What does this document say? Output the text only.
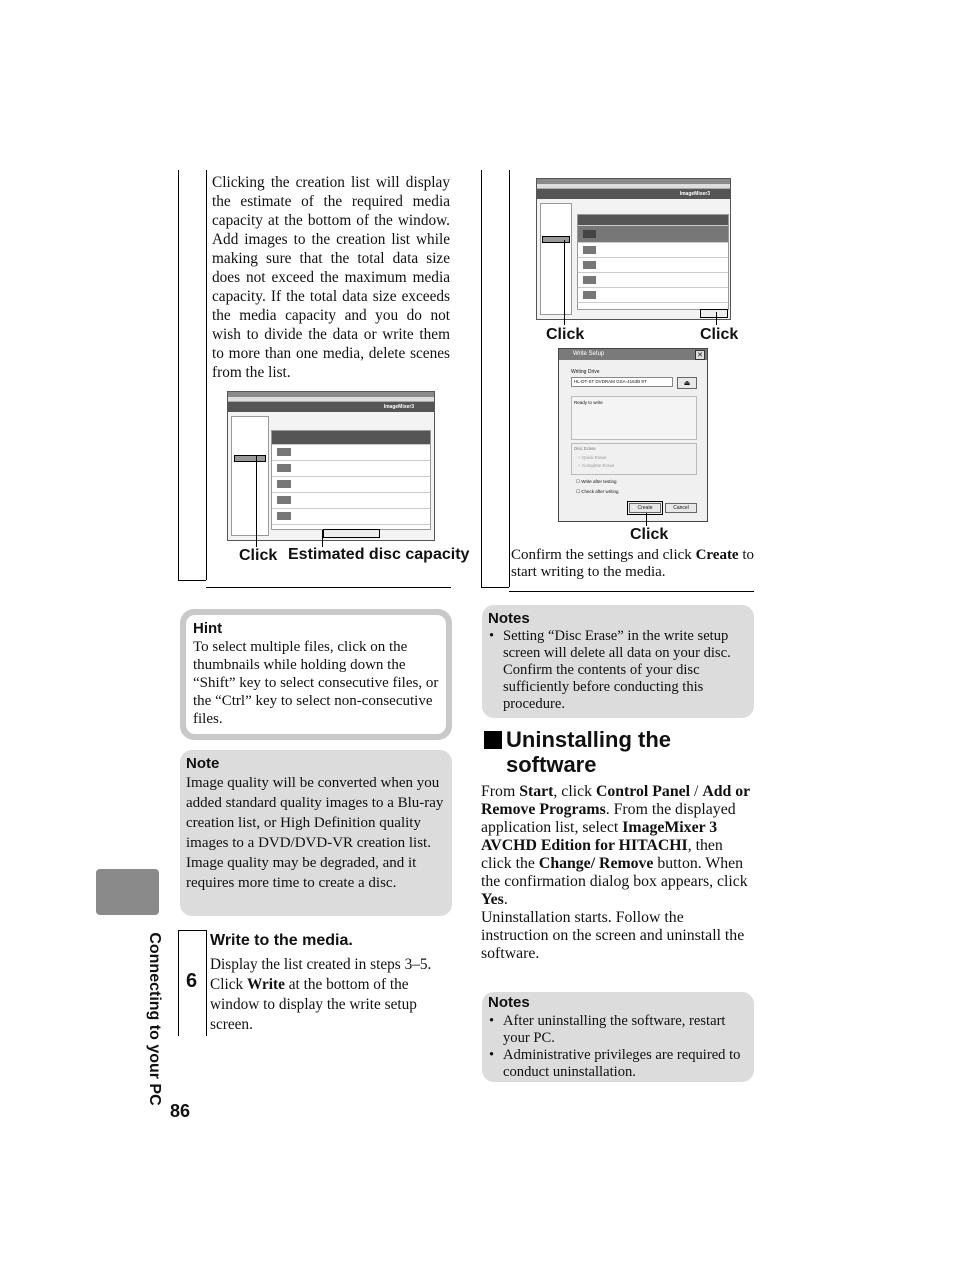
Clicking the creation list will display the estimate of the required media capacity at the bottom of the window. Add images to the creation list while making sure that the total data size does not exceed the maximum media capacity. If the total data size exceeds the media capacity and you do not wish to divide the data or write them to more than one media, delete scenes from the list.
ImageMixer3
Click Estimated disc capacity
Hint
To select multiple files, click on the thumbnails while holding down the “Shift” key to select consecutive files, or the “Ctrl” key to select non-consecutive files.
Note
Image quality will be converted when you added standard quality images to a Blu-ray creation list, or High Definition quality images to a DVD/DVD-VR creation list. Image quality may be degraded, and it requires more time to create a disc.
6
Write to the media.
Display the list created in steps 3–5. Click Write at the bottom of the window to display the write setup screen.
ImageMixer3
Click	Click
Write Setup	✕
Writing Drive
HL-DT-ST DVDRAM GSA-4163B 9T	⏏
Ready to write
Disc Erase
○ Quick Erase
○ Complete Erase
☐ Write after testing
☐ Check after writing
Create	Cancel
Click
Confirm the settings and click Create to start writing to the media.
Notes
• Setting “Disc Erase” in the write setup screen will delete all data on your disc. Confirm the contents of your disc sufficiently before conducting this procedure.
Uninstalling the
software
From Start, click Control Panel / Add or Remove Programs. From the displayed application list, select ImageMixer 3 AVCHD Edition for HITACHI, then click the Change/ Remove button. When the confirmation dialog box appears, click Yes.
Uninstallation starts. Follow the instruction on the screen and uninstall the software.
Notes
• After uninstalling the software, restart your PC.
• Administrative privileges are required to conduct uninstallation.
Connecting to your PC
86
